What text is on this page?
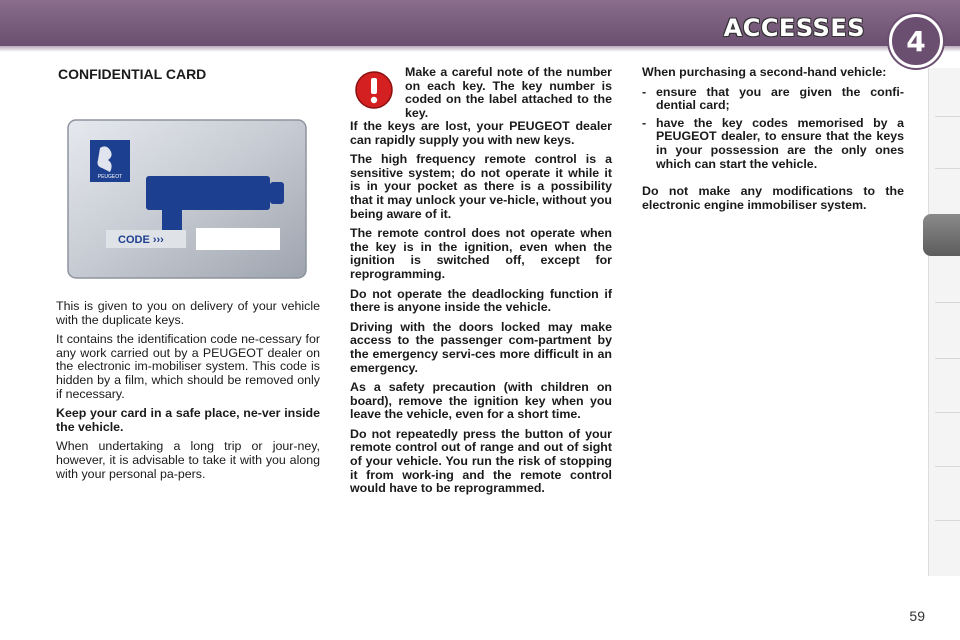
ACCESSES	4
CONFIDENTIAL CARD
PEUGEOT
CODE ›››

This is given to you on delivery of your vehicle with the duplicate keys.

It contains the identification code ne-cessary for any work carried out by a PEUGEOT dealer on the electronic im-mobiliser system. This code is hidden by a film, which should be removed only if necessary.

Keep your card in a safe place, ne-ver inside the vehicle.

When undertaking a long trip or jour-ney, however, it is advisable to take it with you along with your personal pa-pers.

Make a careful note of the number on each key. The key number is coded on the label attached to the key.

If the keys are lost, your PEUGEOT dealer can rapidly supply you with new keys.

The high frequency remote control is a sensitive system; do not operate it while it is in your pocket as there is a possibility that it may unlock your ve-hicle, without you being aware of it.

The remote control does not operate when the key is in the ignition, even when the ignition is switched off, except for reprogramming.

Do not operate the deadlocking function if there is anyone inside the vehicle.

Driving with the doors locked may make access to the passenger com-partment by the emergency servi-ces more difficult in an emergency.

As a safety precaution (with children on board), remove the ignition key when you leave the vehicle, even for a short time.

Do not repeatedly press the button of your remote control out of range and out of sight of your vehicle. You run the risk of stopping it from work-ing and the remote control would have to be reprogrammed.

When purchasing a second-hand vehicle:

- ensure that you are given the confi-dential card;
- have the key codes memorised by a PEUGEOT dealer, to ensure that the keys in your possession are the only ones which can start the vehicle.

Do not make any modifications to the electronic engine immobiliser system.

59
